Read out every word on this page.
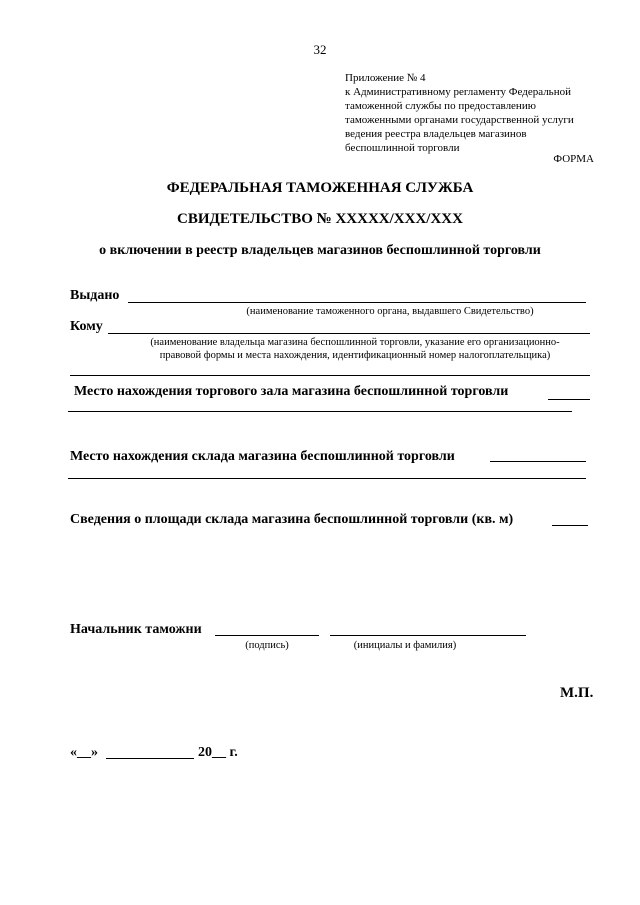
32
Приложение № 4
к Административному регламенту Федеральной
таможенной службы по предоставлению
таможенными органами государственной услуги
ведения реестра владельцев магазинов
беспошлинной торговли
ФОРМА
ФЕДЕРАЛЬНАЯ ТАМОЖЕННАЯ СЛУЖБА
СВИДЕТЕЛЬСТВО № XXXXX/XXX/XXX
о включении в реестр владельцев магазинов беспошлинной торговли
Выдано
(наименование таможенного органа, выдавшего Свидетельство)
Кому
(наименование владельца магазина беспошлинной торговли, указание его организационно-
правовой формы и места нахождения, идентификационный номер налогоплательщика)
Место нахождения торгового зала магазина беспошлинной торговли
Место нахождения склада магазина беспошлинной торговли
Сведения о площади склада магазина беспошлинной торговли (кв. м)
Начальник таможни
(подпись)	(инициалы и фамилия)
М.П.
«__»	20__ г.
